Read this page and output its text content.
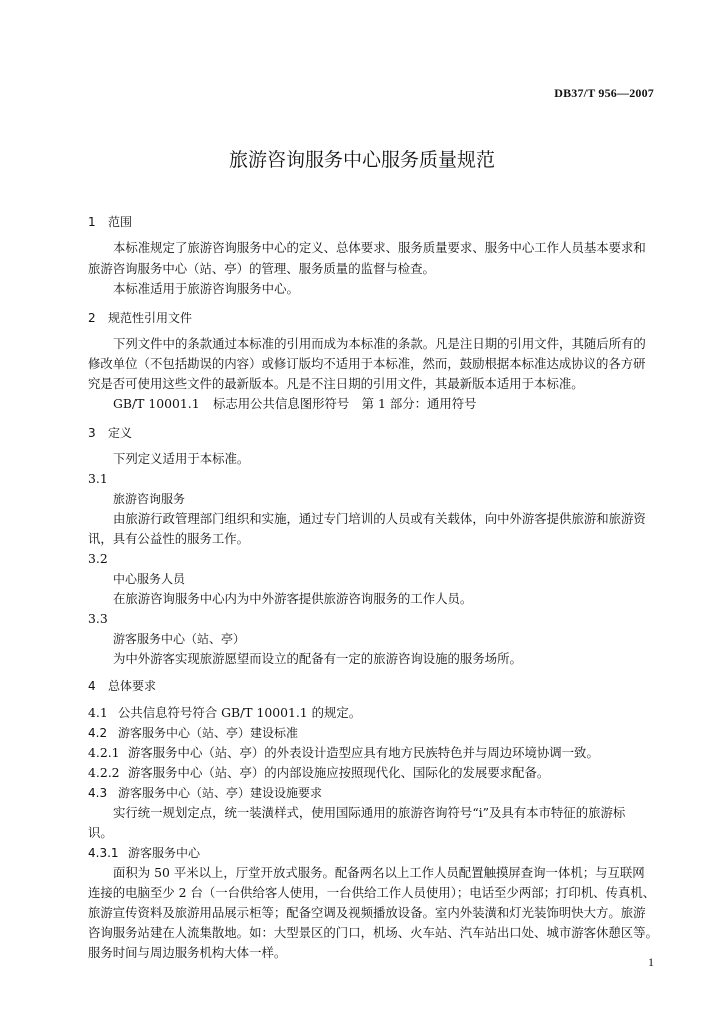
DB37/T 956—2007
旅游咨询服务中心服务质量规范
1 范围
本标准规定了旅游咨询服务中心的定义、总体要求、服务质量要求、服务中心工作人员基本要求和
旅游咨询服务中心（站、亭）的管理、服务质量的监督与检查。
本标准适用于旅游咨询服务中心。
2 规范性引用文件
下列文件中的条款通过本标准的引用而成为本标准的条款。凡是注日期的引用文件，其随后所有的
修改单位（不包括勘误的内容）或修订版均不适用于本标准，然而，鼓励根据本标准达成协议的各方研
究是否可使用这些文件的最新版本。凡是不注日期的引用文件，其最新版本适用于本标准。
GB/T 10001.1 标志用公共信息图形符号　第 1 部分：通用符号
3 定义
下列定义适用于本标准。
3.1
旅游咨询服务
由旅游行政管理部门组织和实施，通过专门培训的人员或有关载体，向中外游客提供旅游和旅游资
讯，具有公益性的服务工作。
3.2
中心服务人员
在旅游咨询服务中心内为中外游客提供旅游咨询服务的工作人员。
3.3
游客服务中心（站、亭）
为中外游客实现旅游愿望而设立的配备有一定的旅游咨询设施的服务场所。
4 总体要求
4.1 公共信息符号符合 GB/T 10001.1 的规定。
4.2 游客服务中心（站、亭）建设标准
4.2.1 游客服务中心（站、亭）的外表设计造型应具有地方民族特色并与周边环境协调一致。
4.2.2 游客服务中心（站、亭）的内部设施应按照现代化、国际化的发展要求配备。
4.3 游客服务中心（站、亭）建设设施要求
实行统一规划定点，统一装潢样式，使用国际通用的旅游咨询符号“i”及具有本市特征的旅游标
识。
4.3.1 游客服务中心
面积为 50 平米以上，厅堂开放式服务。配备两名以上工作人员配置触摸屏查询一体机；与互联网
连接的电脑至少 2 台（一台供给客人使用，一台供给工作人员使用）；电话至少两部；打印机、传真机、
旅游宣传资料及旅游用品展示柜等；配备空调及视频播放设备。室内外装潢和灯光装饰明快大方。旅游
咨询服务站建在人流集散地。如：大型景区的门口，机场、火车站、汽车站出口处、城市游客休憩区等。
服务时间与周边服务机构大体一样。
1
